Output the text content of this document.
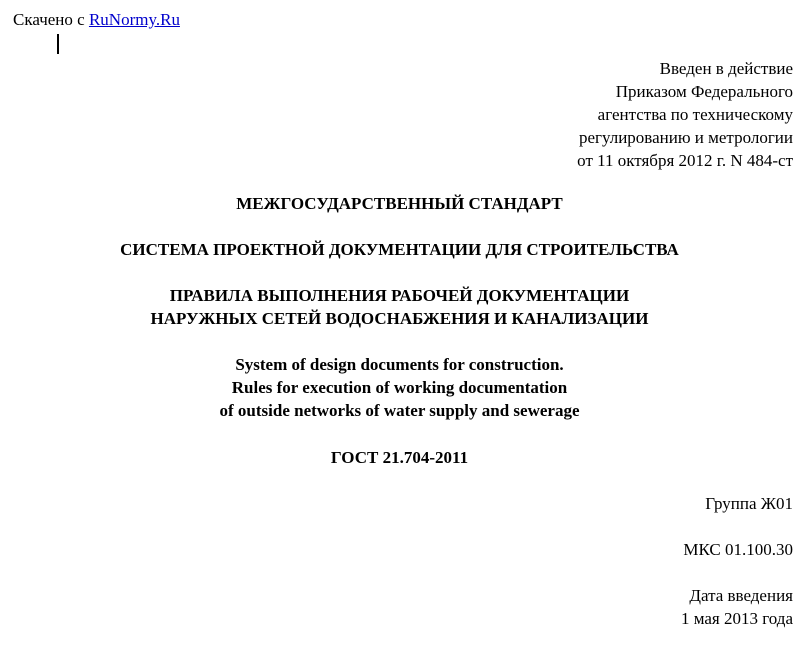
Скачено с RuNormy.Ru
Введен в действие
Приказом Федерального
агентства по техническому
регулированию и метрологии
от 11 октября 2012 г. N 484-ст
МЕЖГОСУДАРСТВЕННЫЙ СТАНДАРТ
СИСТЕМА ПРОЕКТНОЙ ДОКУМЕНТАЦИИ ДЛЯ СТРОИТЕЛЬСТВА
ПРАВИЛА ВЫПОЛНЕНИЯ РАБОЧЕЙ ДОКУМЕНТАЦИИ
НАРУЖНЫХ СЕТЕЙ ВОДОСНАБЖЕНИЯ И КАНАЛИЗАЦИИ
System of design documents for construction.
Rules for execution of working documentation
of outside networks of water supply and sewerage
ГОСТ 21.704-2011
Группа Ж01
МКС 01.100.30
Дата введения
1 мая 2013 года
